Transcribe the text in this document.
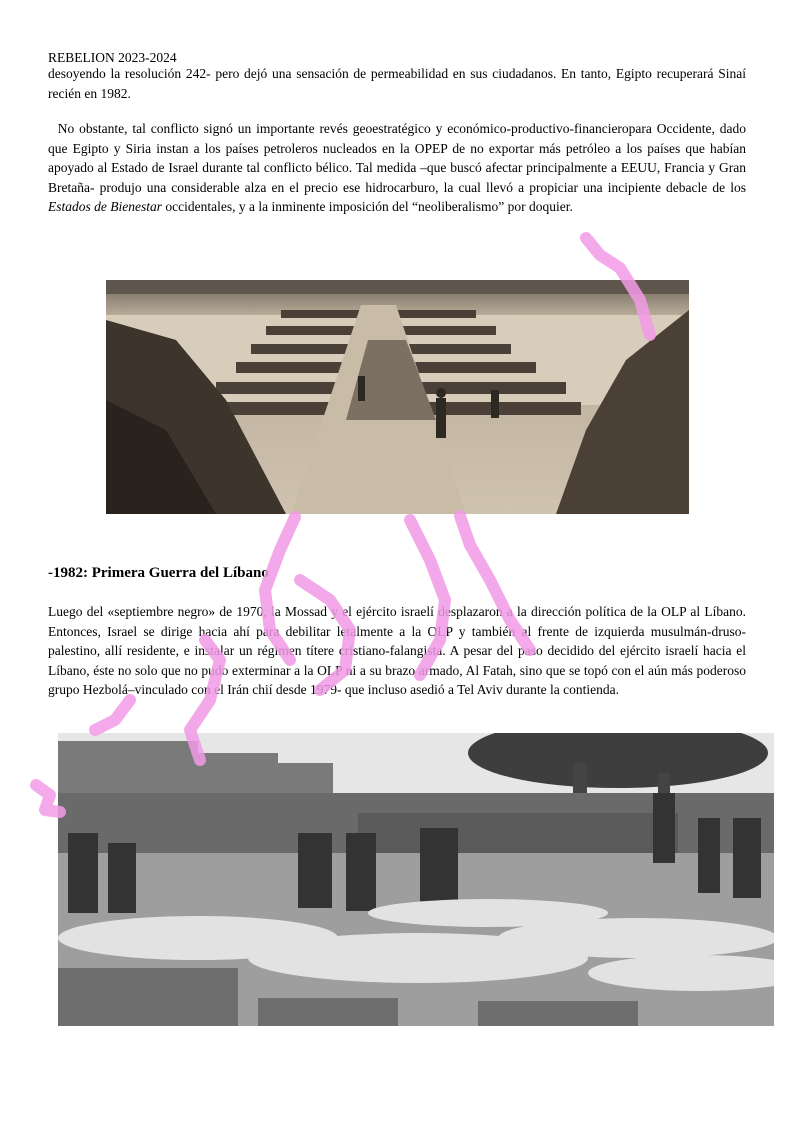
REBELION 2023-2024

desoyendo la resolución 242- pero dejó una sensación de permeabilidad en sus ciudadanos. En tanto, Egipto recuperará Sinaí recién en 1982.

No obstante, tal conflicto signó un importante revés geoestratégico y económico-productivo-financieropara Occidente, dado que Egipto y Siria instan a los países petroleros nucleados en la OPEP de no exportar más petróleo a los países que habían apoyado al Estado de Israel durante tal conflicto bélico. Tal medida –que buscó afectar principalmente a EEUU, Francia y Gran Bretaña- produjo una considerable alza en el precio ese hidrocarburo, la cual llevó a propiciar una incipiente debacle de los Estados de Bienestar occidentales, y a la inminente imposición del “neoliberalismo” por doquier.

-1982: Primera Guerra del Líbano

Luego del «septiembre negro» de 1970, la Mossad y el ejército israelí desplazaron a la dirección política de la OLP al Líbano. Entonces, Israel se dirige hacia ahí para debilitar letalmente a la OLP y también al frente de izquierda musulmán-druso-palestino, allí residente, e instalar un régimen títere cristiano-falangista. A pesar del paso decidido del ejército israelí hacia el Líbano, éste no solo que no pudo exterminar a la OLP ni a su brazo armado, Al Fatah, sino que se topó con el aún más poderoso grupo Hezbolá–vinculado con el Irán chií desde 1979- que incluso asedió a Tel Aviv durante la contienda.
